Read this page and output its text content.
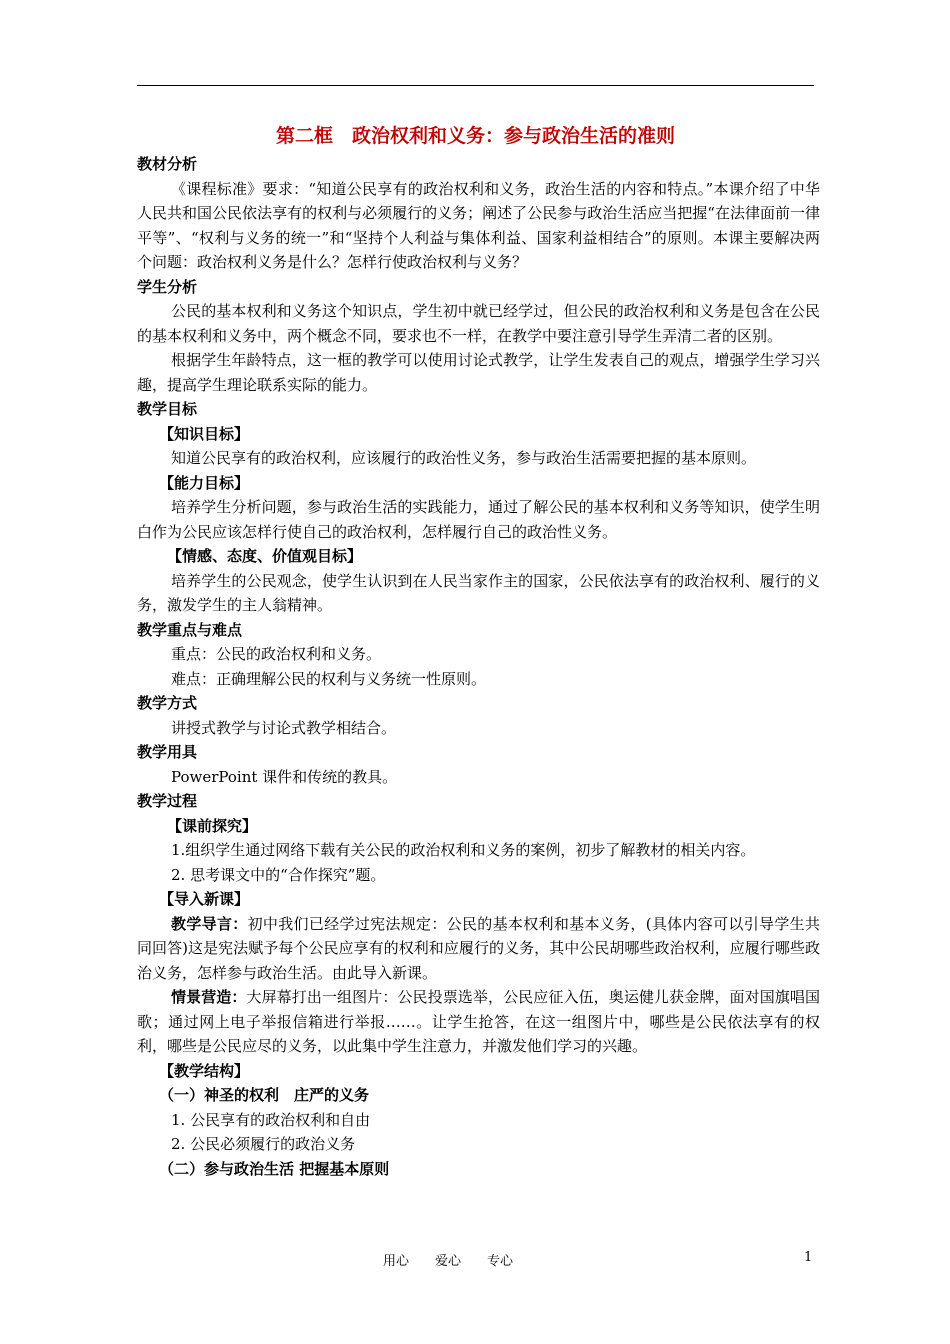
第二框　政治权利和义务：参与政治生活的准则

教材分析

《课程标准》要求：“知道公民享有的政治权利和义务，政治生活的内容和特点。”本课介绍了中华人民共和国公民依法享有的权利与必须履行的义务；阐述了公民参与政治生活应当把握“在法律面前一律平等”、“权利与义务的统一”和“坚持个人利益与集体利益、国家利益相结合”的原则。本课主要解决两个问题：政治权利义务是什么？怎样行使政治权利与义务？

学生分析

公民的基本权利和义务这个知识点，学生初中就已经学过，但公民的政治权利和义务是包含在公民的基本权利和义务中，两个概念不同，要求也不一样，在教学中要注意引导学生弄清二者的区别。

根据学生年龄特点，这一框的教学可以使用讨论式教学，让学生发表自己的观点，增强学生学习兴趣，提高学生理论联系实际的能力。

教学目标

【知识目标】

知道公民享有的政治权利，应该履行的政治性义务，参与政治生活需要把握的基本原则。

【能力目标】

培养学生分析问题，参与政治生活的实践能力，通过了解公民的基本权利和义务等知识，使学生明白作为公民应该怎样行使自己的政治权利，怎样履行自己的政治性义务。

【情感、态度、价值观目标】

培养学生的公民观念，使学生认识到在人民当家作主的国家，公民依法享有的政治权利、履行的义务，激发学生的主人翁精神。

教学重点与难点

重点：公民的政治权利和义务。

难点：正确理解公民的权利与义务统一性原则。

教学方式

讲授式教学与讨论式教学相结合。

教学用具

PowerPoint 课件和传统的教具。

教学过程

【课前探究】

1.组织学生通过网络下载有关公民的政治权利和义务的案例，初步了解教材的相关内容。

2. 思考课文中的“合作探究”题。

【导入新课】

教学导言：初中我们已经学过宪法规定：公民的基本权利和基本义务，(具体内容可以引导学生共同回答)这是宪法赋予每个公民应享有的权利和应履行的义务，其中公民胡哪些政治权利，应履行哪些政治义务，怎样参与政治生活。由此导入新课。

情景营造：大屏幕打出一组图片：公民投票选举，公民应征入伍，奥运健儿获金牌，面对国旗唱国歌；通过网上电子举报信箱进行举报……。让学生抢答，在这一组图片中，哪些是公民依法享有的权利，哪些是公民应尽的义务，以此集中学生注意力，并激发他们学习的兴趣。

【教学结构】

（一）神圣的权利　庄严的义务

1. 公民享有的政治权利和自由

2. 公民必须履行的政治义务

（二）参与政治生活 把握基本原则

用心　　爱心　　专心	1
